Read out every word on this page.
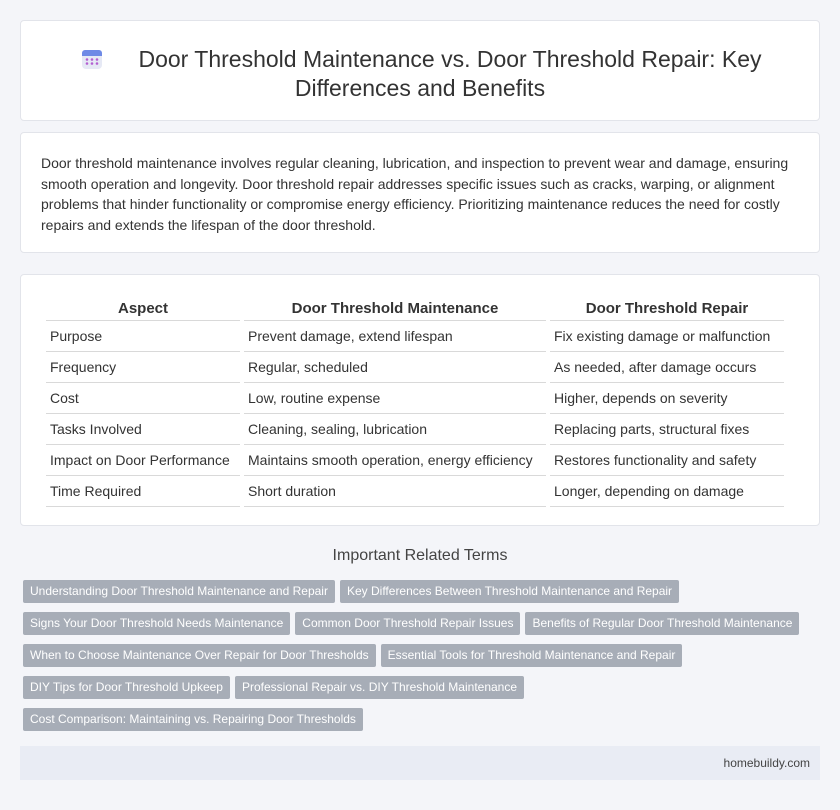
Door Threshold Maintenance vs. Door Threshold Repair: Key
Differences and Benefits

Door threshold maintenance involves regular cleaning, lubrication, and inspection to prevent wear and damage, ensuring smooth operation and longevity. Door threshold repair addresses specific issues such as cracks, warping, or alignment problems that hinder functionality or compromise energy efficiency. Prioritizing maintenance reduces the need for costly repairs and extends the lifespan of the door threshold.

Aspect	Door Threshold Maintenance	Door Threshold Repair
Purpose	Prevent damage, extend lifespan	Fix existing damage or malfunction
Frequency	Regular, scheduled	As needed, after damage occurs
Cost	Low, routine expense	Higher, depends on severity
Tasks Involved	Cleaning, sealing, lubrication	Replacing parts, structural fixes
Impact on Door Performance	Maintains smooth operation, energy efficiency	Restores functionality and safety
Time Required	Short duration	Longer, depending on damage
Important Related Terms
Understanding Door Threshold Maintenance and Repair Key Differences Between Threshold Maintenance and Repair
Signs Your Door Threshold Needs Maintenance Common Door Threshold Repair Issues Benefits of Regular Door Threshold Maintenance
When to Choose Maintenance Over Repair for Door Thresholds Essential Tools for Threshold Maintenance and Repair
DIY Tips for Door Threshold Upkeep Professional Repair vs. DIY Threshold Maintenance
Cost Comparison: Maintaining vs. Repairing Door Thresholds
homebuildy.com
